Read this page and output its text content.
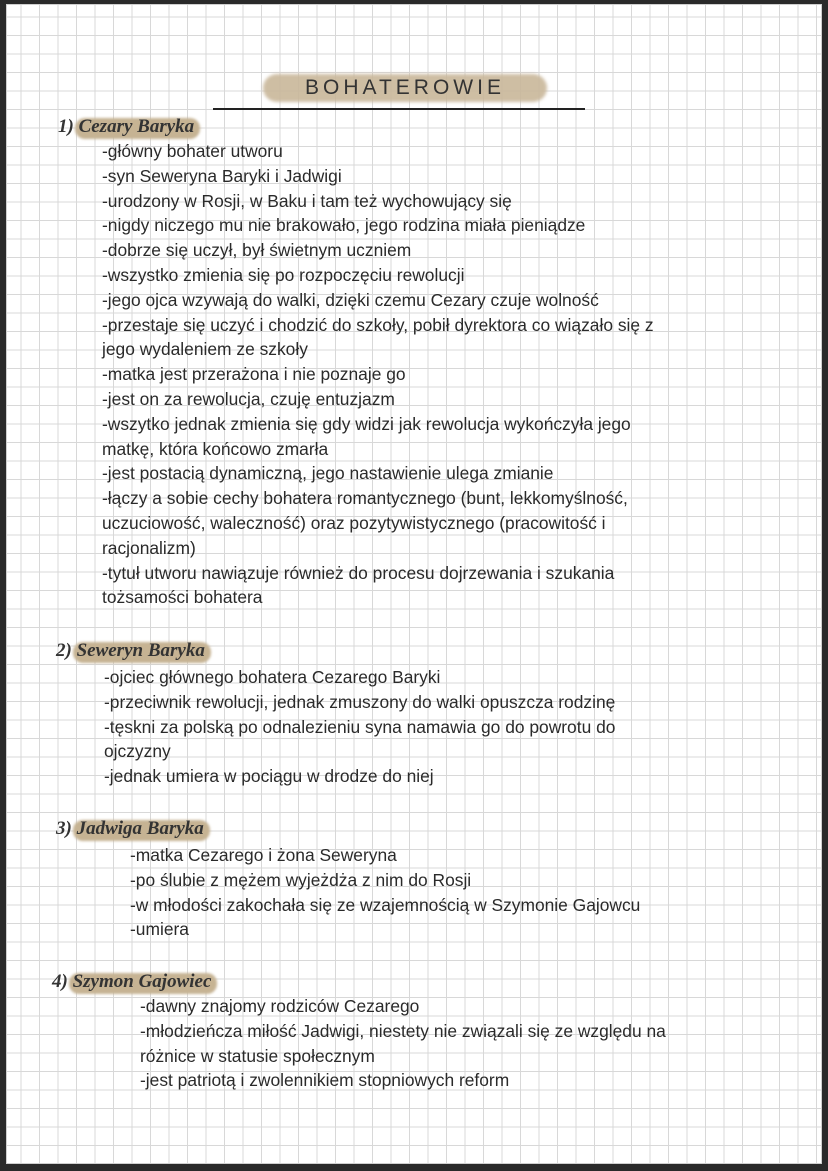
BOHATEROWIE
1) Cezary Baryka
-główny bohater utworu
-syn Seweryna Baryki i Jadwigi
-urodzony w Rosji, w Baku i tam też wychowujący się
-nigdy niczego mu nie brakowało, jego rodzina miała pieniądze
-dobrze się uczył, był świetnym uczniem
-wszystko zmienia się po rozpoczęciu rewolucji
-jego ojca wzywają do walki, dzięki czemu Cezary czuje wolność
-przestaje się uczyć i chodzić do szkoły, pobił dyrektora co wiązało się z
jego wydaleniem ze szkoły
-matka jest przerażona i nie poznaje go
-jest on za rewolucja, czuję entuzjazm
-wszytko jednak zmienia się gdy widzi jak rewolucja wykończyła jego
matkę, która końcowo zmarła
-jest postacią dynamiczną, jego nastawienie ulega zmianie
-łączy a sobie cechy bohatera romantycznego (bunt, lekkomyślność,
uczuciowość, waleczność) oraz pozytywistycznego (pracowitość i
racjonalizm)
-tytuł utworu nawiązuje również do procesu dojrzewania i szukania
tożsamości bohatera
2) Seweryn Baryka
-ojciec głównego bohatera Cezarego Baryki
-przeciwnik rewolucji, jednak zmuszony do walki opuszcza rodzinę
-tęskni za polską po odnalezieniu syna namawia go do powrotu do
ojczyzny
-jednak umiera w pociągu w drodze do niej
3) Jadwiga Baryka
-matka Cezarego i żona Seweryna
-po ślubie z mężem wyjeżdża z nim do Rosji
-w młodości zakochała się ze wzajemnością w Szymonie Gajowcu
-umiera
4) Szymon Gajowiec
-dawny znajomy rodziców Cezarego
-młodzieńcza miłość Jadwigi, niestety nie związali się ze względu na
różnice w statusie społecznym
-jest patriotą i zwolennikiem stopniowych reform
